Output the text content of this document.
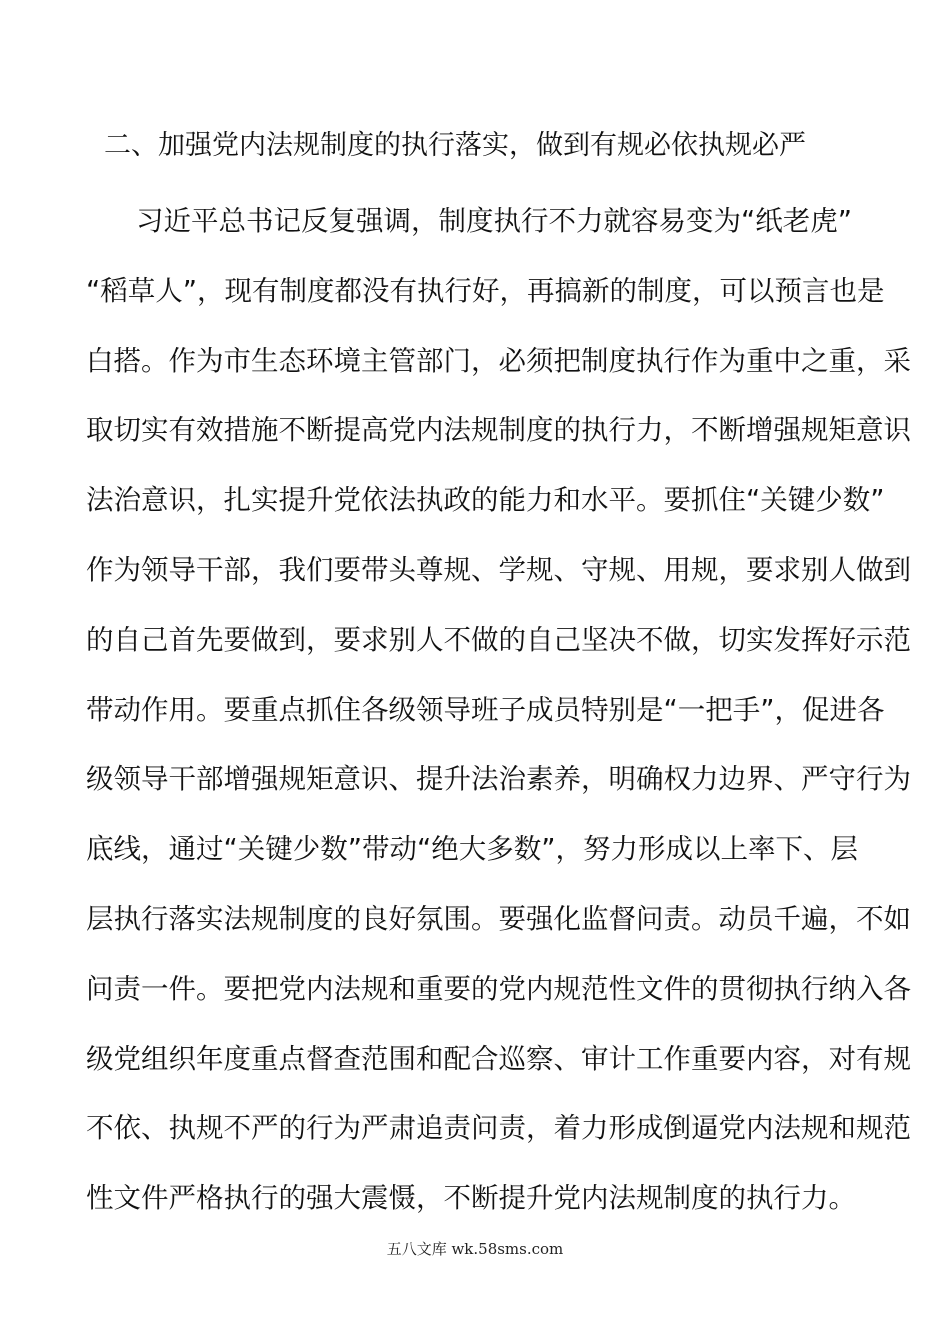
二、加强党内法规制度的执行落实，做到有规必依执规必严
习近平总书记反复强调，制度执行不力就容易变为“纸老虎”
“稻草人”，现有制度都没有执行好，再搞新的制度，可以预言也是
白搭。作为市生态环境主管部门，必须把制度执行作为重中之重，采
取切实有效措施不断提高党内法规制度的执行力，不断增强规矩意识
法治意识，扎实提升党依法执政的能力和水平。要抓住“关键少数”
作为领导干部，我们要带头尊规、学规、守规、用规，要求别人做到
的自己首先要做到，要求别人不做的自己坚决不做，切实发挥好示范
带动作用。要重点抓住各级领导班子成员特别是“一把手”，促进各
级领导干部增强规矩意识、提升法治素养，明确权力边界、严守行为
底线，通过“关键少数”带动“绝大多数”，努力形成以上率下、层
层执行落实法规制度的良好氛围。要强化监督问责。动员千遍，不如
问责一件。要把党内法规和重要的党内规范性文件的贯彻执行纳入各
级党组织年度重点督查范围和配合巡察、审计工作重要内容，对有规
不依、执规不严的行为严肃追责问责，着力形成倒逼党内法规和规范
性文件严格执行的强大震慑，不断提升党内法规制度的执行力。
五八文库 wk.58sms.com
